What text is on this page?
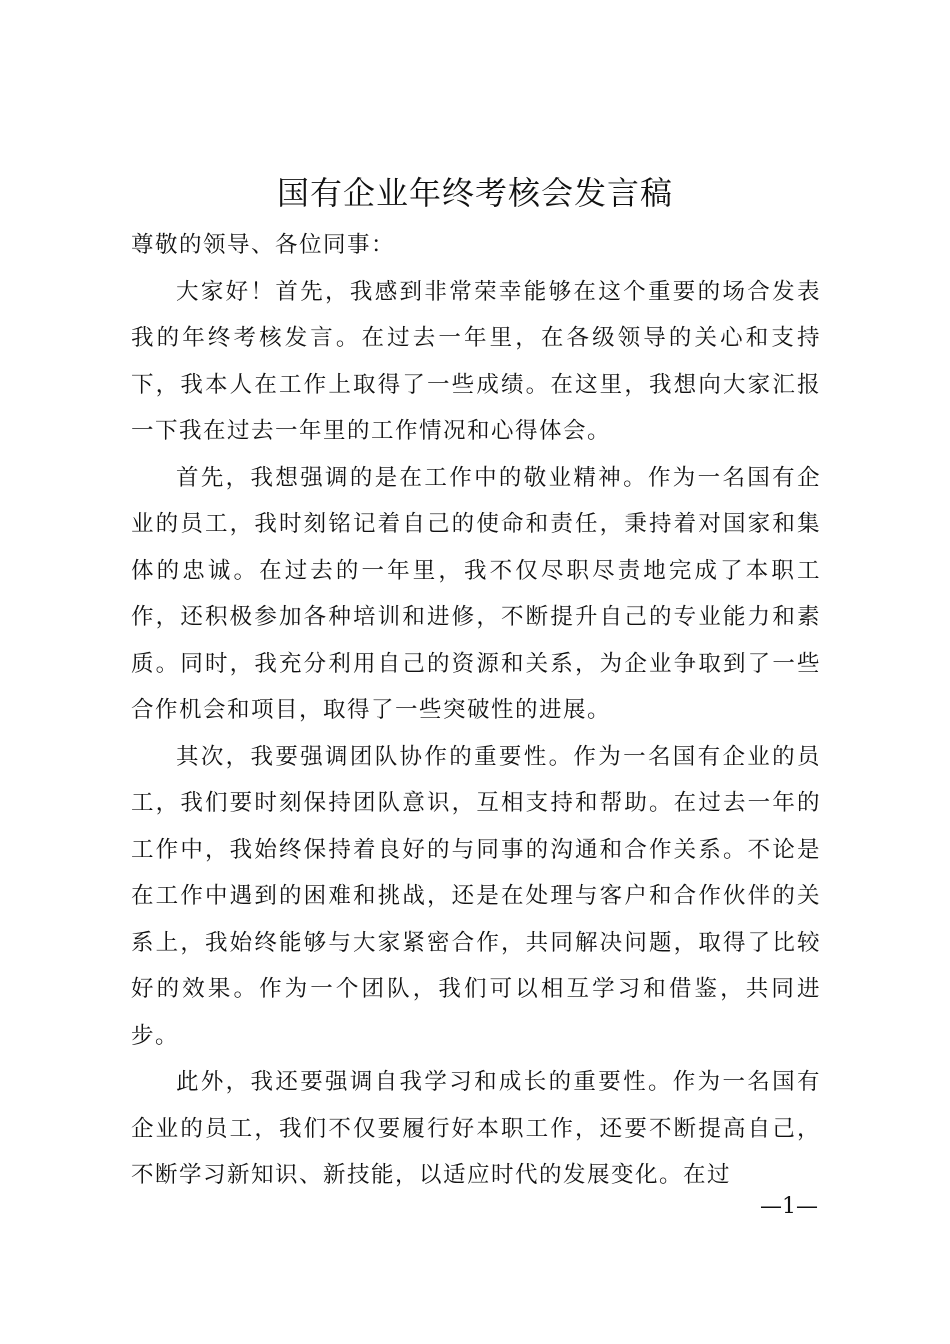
国有企业年终考核会发言稿

尊敬的领导、各位同事：

大家好！首先，我感到非常荣幸能够在这个重要的场合发表我的年终考核发言。在过去一年里，在各级领导的关心和支持下，我本人在工作上取得了一些成绩。在这里，我想向大家汇报一下我在过去一年里的工作情况和心得体会。

首先，我想强调的是在工作中的敬业精神。作为一名国有企业的员工，我时刻铭记着自己的使命和责任，秉持着对国家和集体的忠诚。在过去的一年里，我不仅尽职尽责地完成了本职工作，还积极参加各种培训和进修，不断提升自己的专业能力和素质。同时，我充分利用自己的资源和关系，为企业争取到了一些合作机会和项目，取得了一些突破性的进展。

其次，我要强调团队协作的重要性。作为一名国有企业的员工，我们要时刻保持团队意识，互相支持和帮助。在过去一年的工作中，我始终保持着良好的与同事的沟通和合作关系。不论是在工作中遇到的困难和挑战，还是在处理与客户和合作伙伴的关系上，我始终能够与大家紧密合作，共同解决问题，取得了比较好的效果。作为一个团队，我们可以相互学习和借鉴，共同进步。

此外，我还要强调自我学习和成长的重要性。作为一名国有企业的员工，我们不仅要履行好本职工作，还要不断提高自己，不断学习新知识、新技能，以适应时代的发展变化。在过

—1—
